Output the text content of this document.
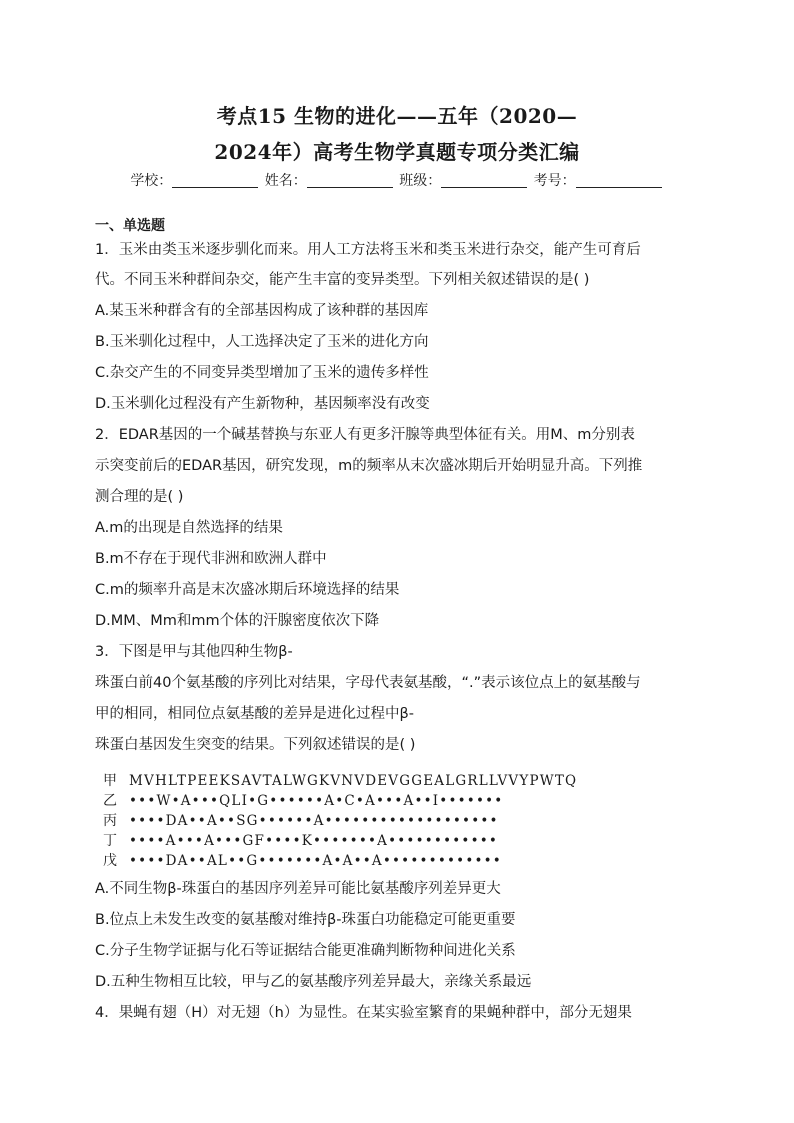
考点15 生物的进化——五年（2020—
2024年）高考生物学真题专项分类汇编
学校：	姓名：	班级：	考号：
一、单选题
1．玉米由类玉米逐步驯化而来。用人工方法将玉米和类玉米进行杂交，能产生可育后
代。不同玉米种群间杂交，能产生丰富的变异类型。下列相关叙述错误的是( )
A.某玉米种群含有的全部基因构成了该种群的基因库
B.玉米驯化过程中，人工选择决定了玉米的进化方向
C.杂交产生的不同变异类型增加了玉米的遗传多样性
D.玉米驯化过程没有产生新物种，基因频率没有改变
2．EDAR基因的一个碱基替换与东亚人有更多汗腺等典型体征有关。用M、m分别表
示突变前后的EDAR基因，研究发现，m的频率从末次盛冰期后开始明显升高。下列推
测合理的是( )
A.m的出现是自然选择的结果
B.m不存在于现代非洲和欧洲人群中
C.m的频率升高是末次盛冰期后环境选择的结果
D.MM、Mm和mm个体的汗腺密度依次下降
3．下图是甲与其他四种生物β-
珠蛋白前40个氨基酸的序列比对结果，字母代表氨基酸，“.”表示该位点上的氨基酸与
甲的相同，相同位点氨基酸的差异是进化过程中β-
珠蛋白基因发生突变的结果。下列叙述错误的是( )
甲 MVHLTPEEKSAVTALWGKVNVDEVGGEALGRLLVVYPWTQ
乙 •••W•A•••QLI•G••••••A•C•A•••A••I•••••••
丙 ••••DA••A••SG••••••A•••••••••••••••••••
丁 ••••A•••A•••GF••••K•••••••A••••••••••••
戊 ••••DA••AL••G•••••••A•A••A•••••••••••••
A.不同生物β-珠蛋白的基因序列差异可能比氨基酸序列差异更大
B.位点上未发生改变的氨基酸对维持β-珠蛋白功能稳定可能更重要
C.分子生物学证据与化石等证据结合能更准确判断物种间进化关系
D.五种生物相互比较，甲与乙的氨基酸序列差异最大，亲缘关系最远
4．果蝇有翅（H）对无翅（h）为显性。在某实验室繁育的果蝇种群中，部分无翅果
